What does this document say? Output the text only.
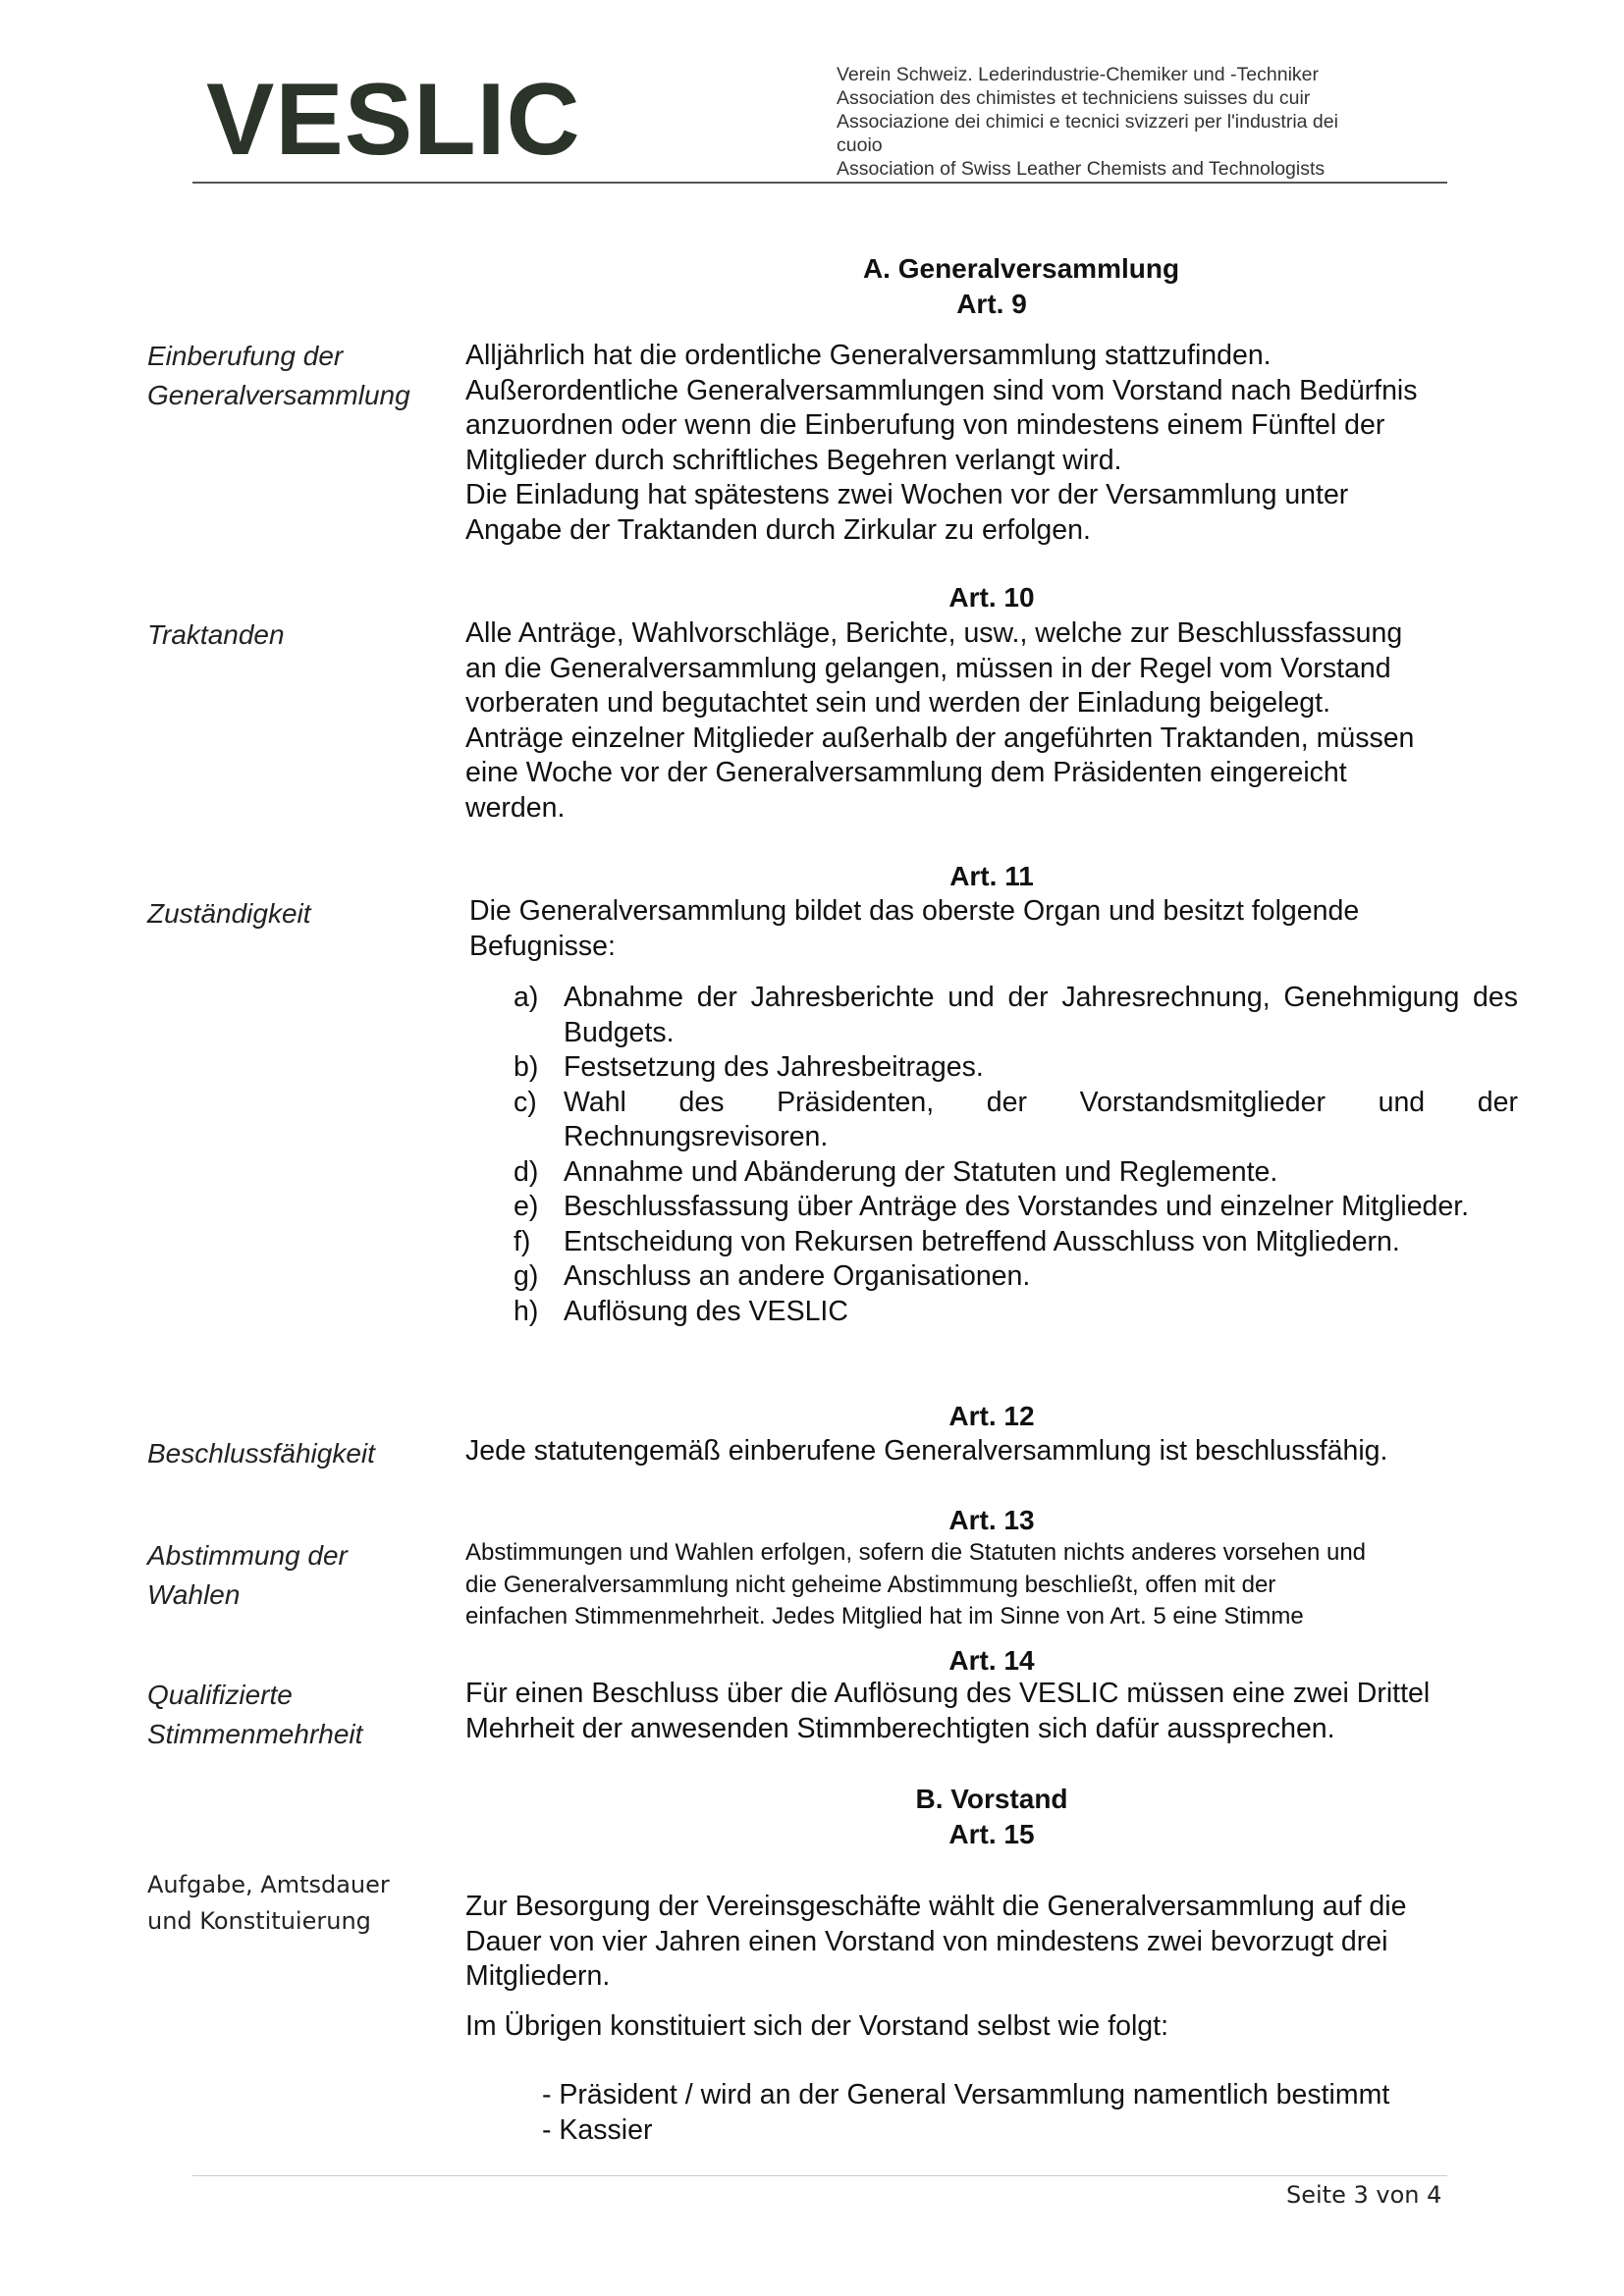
VESLIC	Verein Schweiz. Lederindustrie-Chemiker und -Techniker
Association des chimistes et techniciens suisses du cuir
Associazione dei chimici e tecnici svizzeri per l'industria dei
cuoio
Association of Swiss Leather Chemists and Technologists
A. Generalversammlung
Art. 9
Einberufung der
Generalversammlung
Alljährlich hat die ordentliche Generalversammlung stattzufinden.
Außerordentliche Generalversammlungen sind vom Vorstand nach Bedürfnis
anzuordnen oder wenn die Einberufung von mindestens einem Fünftel der
Mitglieder durch schriftliches Begehren verlangt wird.
Die Einladung hat spätestens zwei Wochen vor der Versammlung unter
Angabe der Traktanden durch Zirkular zu erfolgen.
Art. 10
Traktanden	Alle Anträge, Wahlvorschläge, Berichte, usw., welche zur Beschlussfassung
an die Generalversammlung gelangen, müssen in der Regel vom Vorstand
vorberaten und begutachtet sein und werden der Einladung beigelegt.
Anträge einzelner Mitglieder außerhalb der angeführten Traktanden, müssen
eine Woche vor der Generalversammlung dem Präsidenten eingereicht
werden.
Art. 11
Zuständigkeit	Die Generalversammlung bildet das oberste Organ und besitzt folgende
Befugnisse:
a) Abnahme der Jahresberichte und der Jahresrechnung, Genehmigung des Budgets.
b) Festsetzung des Jahresbeitrages.
c) Wahl des Präsidenten, der Vorstandsmitglieder und der Rechnungsrevisoren.
d) Annahme und Abänderung der Statuten und Reglemente.
e) Beschlussfassung über Anträge des Vorstandes und einzelner Mitglieder.
f) Entscheidung von Rekursen betreffend Ausschluss von Mitgliedern.
g) Anschluss an andere Organisationen.
h) Auflösung des VESLIC
Art. 12
Beschlussfähigkeit	Jede statutengemäß einberufene Generalversammlung ist beschlussfähig.
Art. 13
Abstimmung der
Wahlen
Abstimmungen und Wahlen erfolgen, sofern die Statuten nichts anderes vorsehen und
die Generalversammlung nicht geheime Abstimmung beschließt, offen mit der
einfachen Stimmenmehrheit. Jedes Mitglied hat im Sinne von Art. 5 eine Stimme
Art. 14
Qualifizierte
Stimmenmehrheit
Für einen Beschluss über die Auflösung des VESLIC müssen eine zwei Drittel
Mehrheit der anwesenden Stimmberechtigten sich dafür aussprechen.
B. Vorstand
Art. 15
Aufgabe, Amtsdauer
und Konstituierung	Zur Besorgung der Vereinsgeschäfte wählt die Generalversammlung auf die
Dauer von vier Jahren einen Vorstand von mindestens zwei bevorzugt drei
Mitgliedern.
Im Übrigen konstituiert sich der Vorstand selbst wie folgt:
- Präsident / wird an der General Versammlung namentlich bestimmt
- Kassier
Seite 3 von 4
